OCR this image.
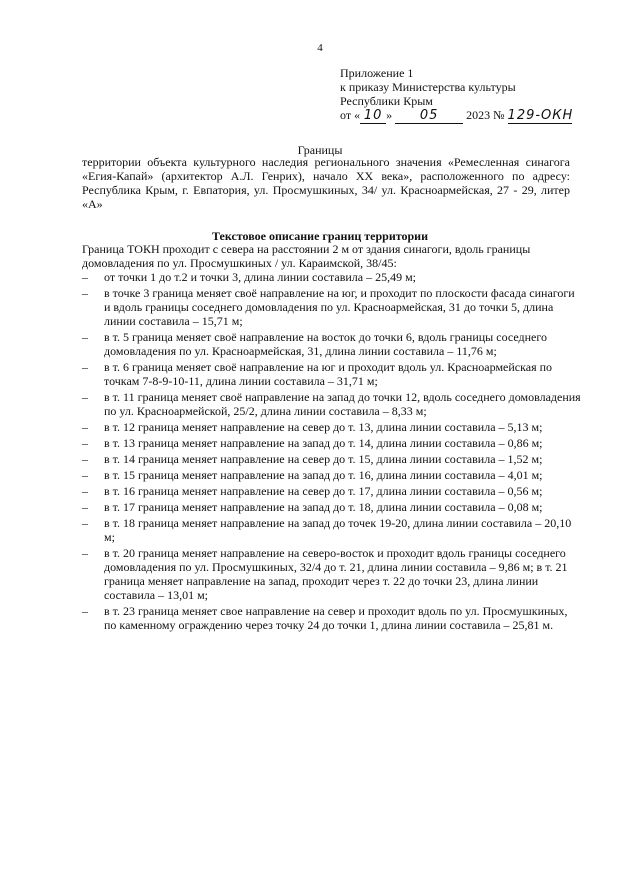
4
Приложение 1
к приказу Министерства культуры
Республики Крым
от « 10 » 05 2023 № 129-ОКН
Границы
территории объекта культурного наследия регионального значения «Ремесленная синагога «Егия-Капай» (архитектор А.Л. Генрих), начало XX века», расположенного по адресу: Республика Крым, г. Евпатория, ул. Просмушкиных, 34/ ул. Красноармейская, 27 - 29, литер «А»
Текстовое описание границ территории
Граница ТОКН проходит с севера на расстоянии 2 м от здания синагоги, вдоль границы домовладения по ул. Просмушкиных / ул. Караимской, 38/45:
– от точки 1 до т.2 и точки 3, длина линии составила – 25,49 м;
– в точке 3 граница меняет своё направление на юг, и проходит по плоскости фасада синагоги и вдоль границы соседнего домовладения по ул. Красноармейская, 31 до точки 5, длина линии составила – 15,71 м;
– в т. 5 граница меняет своё направление на восток до точки 6, вдоль границы соседнего домовладения по ул. Красноармейская, 31, длина линии составила – 11,76 м;
– в т. 6 граница меняет своё направление на юг и проходит вдоль ул. Красноармейская по точкам 7-8-9-10-11, длина линии составила – 31,71 м;
– в т. 11 граница меняет своё направление на запад до точки 12, вдоль соседнего домовладения по ул. Красноармейской, 25/2, длина линии составила – 8,33 м;
– в т. 12 граница меняет направление на север до т. 13, длина линии составила – 5,13 м;
– в т. 13 граница меняет направление на запад до т. 14, длина линии составила – 0,86 м;
– в т. 14 граница меняет направление на север до т. 15, длина линии составила – 1,52 м;
– в т. 15 граница меняет направление на запад до т. 16, длина линии составила – 4,01 м;
– в т. 16 граница меняет направление на север до т. 17, длина линии составила – 0,56 м;
– в т. 17 граница меняет направление на запад до т. 18, длина линии составила – 0,08 м;
– в т. 18 граница меняет направление на запад до точек 19-20, длина линии составила – 20,10 м;
– в т. 20 граница меняет направление на северо-восток и проходит вдоль границы соседнего домовладения по ул. Просмушкиных, 32/4 до т. 21, длина линии составила – 9,86 м; в т. 21 граница меняет направление на запад, проходит через т. 22 до точки 23, длина линии составила – 13,01 м;
– в т. 23 граница меняет свое направление на север и проходит вдоль по ул. Просмушкиных, по каменному ограждению через точку 24 до точки 1, длина линии составила – 25,81 м.
